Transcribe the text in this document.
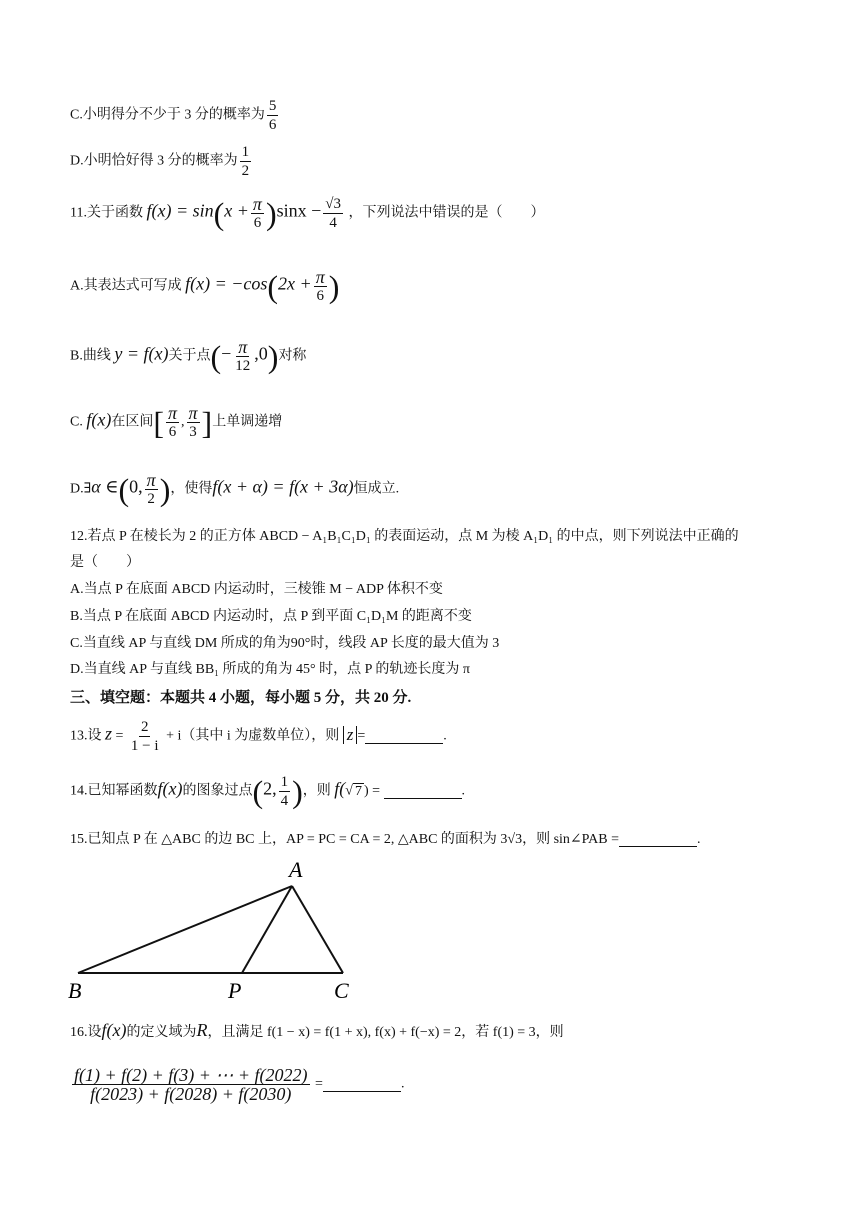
C.小明得分不少于 3 分的概率为 $\frac{5}{6}$
D.小明恰好得 3 分的概率为 $\frac{1}{2}$
11.关于函数 $f(x) = \sin(x + \frac{\pi}{6} )\sin x - \frac{√3}{4}$ ，下列说法中错误的是（　　）
A.其表达式可写成 $f(x) = -\cos(2x + \frac{\pi}{6}$ )
B.曲线 y = f(x)关于点(− $\frac{\pi}{12} ,0$)对称
C. f(x)在区间[ $\frac{\pi}{6}$ , $\frac{\pi}{3}$ ]上单调递增
D.∃α ∈(0, $\frac{\pi}{2}$ )，使得f(x + α) = f(x + 3α)恒成立.
12.若点 P 在棱长为 2 的正方体 ABCD − A₁B₁C₁D₁ 的表面运动，点 M 为棱 A₁D₁ 的中点，则下列说法中正确的
是（　　）
A.当点 P 在底面 ABCD 内运动时，三棱锥 M − ADP 体积不变
B.当点 P 在底面 ABCD 内运动时，点 P 到平面 C₁D₁M 的距离不变
C.当直线 AP 与直线 DM 所成的角为90°时，线段 AP 长度的最大值为 3
D.当直线 AP 与直线 BB₁ 所成的角为 45° 时，点 P 的轨迹长度为 π
三、填空题：本题共 4 小题，每小题 5 分，共 20 分.
13.设 $z = \frac{2}{1 - i} + i$（其中 i 为虚数单位），则 z =	.
14.已知幂函数f(x)的图象过点(2, $\frac{1}{4}$ )，则 f(√ 7 ) =	.
15.已知点 P 在 △ABC 的边 BC 上，AP = PC = CA = 2, △ABC 的面积为 3√3，则 sin∠PAB =	.
A
B	P	C
16.设f(x)的定义域为R，且满足 f(1 − x) = f(1 + x), f(x) + f(−x) = 2，若 f(1) = 3，则
$\frac{f(1) + f(2) + f(3) + \cdots + f(2022)}{f(2023) + f(2028) + f(2030)}$ =	.
